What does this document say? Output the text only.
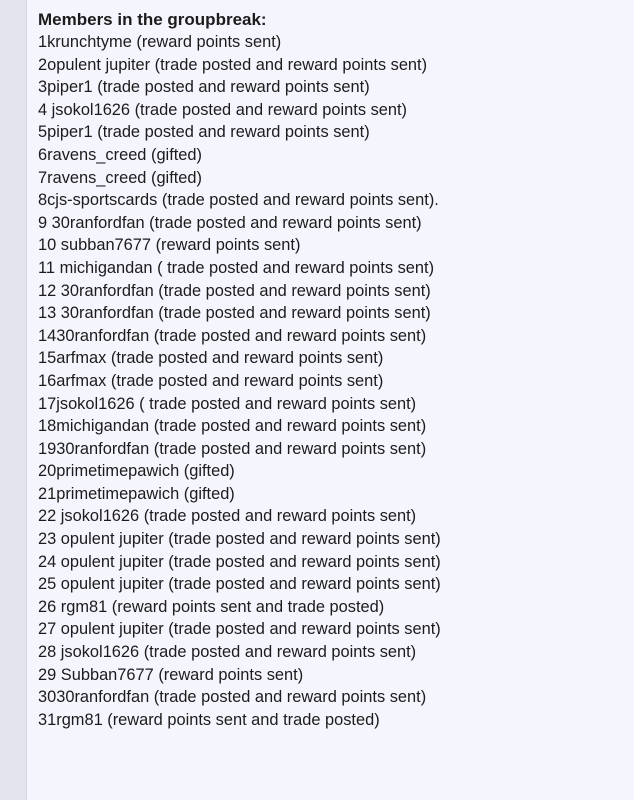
Members in the groupbreak:
1krunchtyme (reward points sent)
2opulent jupiter (trade posted and reward points sent)
3piper1 (trade posted and reward points sent)
4 jsokol1626 (trade posted and reward points sent)
5piper1 (trade posted and reward points sent)
6ravens_creed (gifted)
7ravens_creed (gifted)
8cjs-sportscards (trade posted and reward points sent).
9 30ranfordfan (trade posted and reward points sent)
10 subban7677 (reward points sent)
11 michigandan ( trade posted and reward points sent)
12 30ranfordfan (trade posted and reward points sent)
13 30ranfordfan (trade posted and reward points sent)
1430ranfordfan (trade posted and reward points sent)
15arfmax (trade posted and reward points sent)
16arfmax (trade posted and reward points sent)
17jsokol1626 ( trade posted and reward points sent)
18michigandan (trade posted and reward points sent)
1930ranfordfan (trade posted and reward points sent)
20primetimepawich (gifted)
21primetimepawich (gifted)
22 jsokol1626 (trade posted and reward points sent)
23 opulent jupiter (trade posted and reward points sent)
24 opulent jupiter (trade posted and reward points sent)
25 opulent jupiter (trade posted and reward points sent)
26 rgm81 (reward points sent and trade posted)
27 opulent jupiter (trade posted and reward points sent)
28 jsokol1626 (trade posted and reward points sent)
29 Subban7677 (reward points sent)
3030ranfordfan (trade posted and reward points sent)
31rgm81 (reward points sent and trade posted)
